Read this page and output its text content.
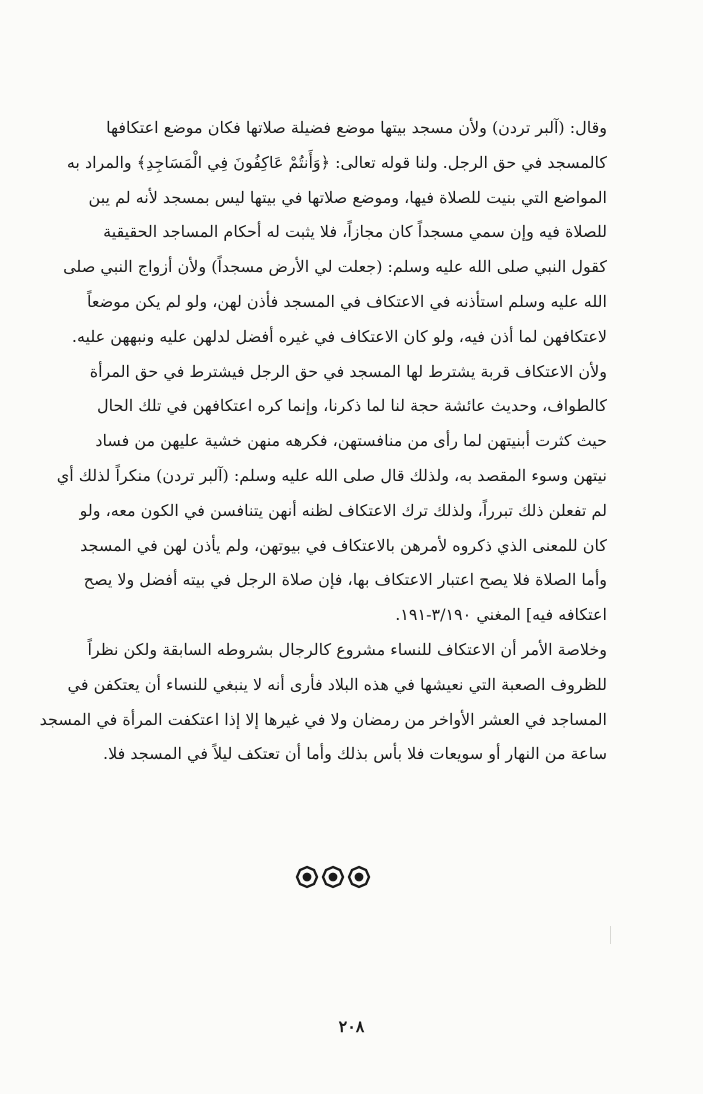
وقال: (آلبر تردن) ولأن مسجد بيتها موضع فضيلة صلاتها فكان موضع اعتكافها
كالمسجد في حق الرجل. ولنا قوله تعالى: ﴿وَأَنتُمْ عَاكِفُونَ فِي الْمَسَاجِدِ﴾ والمراد به
المواضع التي بنيت للصلاة فيها، وموضع صلاتها في بيتها ليس بمسجد لأنه لم يبن
للصلاة فيه وإن سمي مسجداً كان مجازاً، فلا يثبت له أحكام المساجد الحقيقية
كقول النبي صلى الله عليه وسلم: (جعلت لي الأرض مسجداً) ولأن أزواج النبي صلى
الله عليه وسلم استأذنه في الاعتكاف في المسجد فأذن لهن، ولو لم يكن موضعاً
لاعتكافهن لما أذن فيه، ولو كان الاعتكاف في غيره أفضل لدلهن عليه ونبههن عليه.
ولأن الاعتكاف قربة يشترط لها المسجد في حق الرجل فيشترط في حق المرأة
كالطواف، وحديث عائشة حجة لنا لما ذكرنا، وإنما كره اعتكافهن في تلك الحال
حيث كثرت أبنيتهن لما رأى من منافستهن، فكرهه منهن خشية عليهن من فساد
نيتهن وسوء المقصد به، ولذلك قال صلى الله عليه وسلم: (آلبر تردن) منكراً لذلك أي
لم تفعلن ذلك تبرراً، ولذلك ترك الاعتكاف لظنه أنهن يتنافسن في الكون معه، ولو
كان للمعنى الذي ذكروه لأمرهن بالاعتكاف في بيوتهن، ولم يأذن لهن في المسجد
وأما الصلاة فلا يصح اعتبار الاعتكاف بها، فإن صلاة الرجل في بيته أفضل ولا يصح
اعتكافه فيه] المغني ٣/١٩٠-١٩١.
وخلاصة الأمر أن الاعتكاف للنساء مشروع كالرجال بشروطه السابقة ولكن نظراً
للظروف الصعبة التي نعيشها في هذه البلاد فأرى أنه لا ينبغي للنساء أن يعتكفن في
المساجد في العشر الأواخر من رمضان ولا في غيرها إلا إذا اعتكفت المرأة في المسجد
ساعة من النهار أو سويعات فلا بأس بذلك وأما أن تعتكف ليلاً في المسجد فلا.
٢٠٨
